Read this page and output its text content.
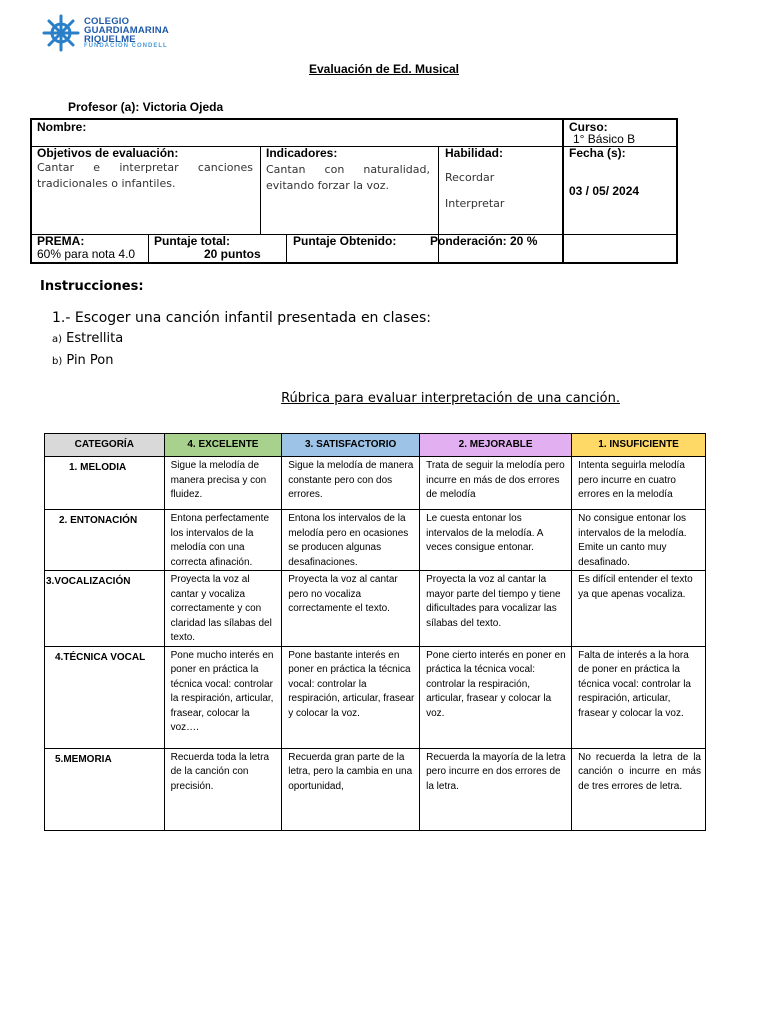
COLEGIO
GUARDIAMARINA
RIQUELME
FUNDACIÓN CONDELL
Evaluación de Ed. Musical
Profesor (a): Victoria Ojeda
Nombre:	Curso:
1° Básico B
Objetivos de evaluación:
Cantar e interpretar canciones tradicionales o infantiles.
Indicadores:
Cantan con naturalidad, evitando forzar la voz.
Habilidad:
Recordar
Interpretar
Fecha (s):
03 / 05/ 2024
PREMA:
60% para nota 4.0
Puntaje total:
20 puntos
Puntaje Obtenido:	Ponderación: 20 %
Instrucciones:
1.- Escoger una canción infantil presentada en clases:
a) Estrellita
b) Pin Pon
Rúbrica para evaluar interpretación de una canción.
CATEGORÍA	4. EXCELENTE	3. SATISFACTORIO	2. MEJORABLE	1. INSUFICIENTE
1. MELODIA	Sigue la melodía de manera precisa y con fluidez.	Sigue la melodía de manera constante pero con dos errores.	Trata de seguir la melodía pero incurre en más de dos errores de melodía	Intenta seguirla melodía pero incurre en cuatro errores en la melodía
2. ENTONACIÓN	Entona perfectamente los intervalos de la melodía con una correcta afinación.	Entona los intervalos de la melodía pero en ocasiones se producen algunas desafinaciones.	Le cuesta entonar los intervalos de la melodía. A veces consigue entonar.	No consigue entonar los intervalos de la melodía. Emite un canto muy desafinado.
3.VOCALIZACIÓN	Proyecta la voz al cantar y vocaliza correctamente y con claridad las sílabas del texto.	Proyecta la voz al cantar pero no vocaliza correctamente el texto.	Proyecta la voz al cantar la mayor parte del tiempo y tiene dificultades para vocalizar las sílabas del texto.	Es difícil entender el texto ya que apenas vocaliza.
4.TÉCNICA VOCAL	Pone mucho interés en poner en práctica la técnica vocal: controlar la respiración, articular, frasear, colocar la voz….	Pone bastante interés en poner en práctica la técnica vocal: controlar la respiración, articular, frasear y colocar la voz.	Pone cierto interés en poner en práctica la técnica vocal: controlar la respiración, articular, frasear y colocar la voz.	Falta de interés a la hora de poner en práctica la técnica vocal: controlar la respiración, articular, frasear y colocar la voz.
5.MEMORIA	Recuerda toda la letra de la canción con precisión.	Recuerda gran parte de la letra, pero la cambia en una oportunidad,	Recuerda la mayoría de la letra pero incurre en dos errores de la letra.	No recuerda la letra de la canción o incurre en más de tres errores de letra.
